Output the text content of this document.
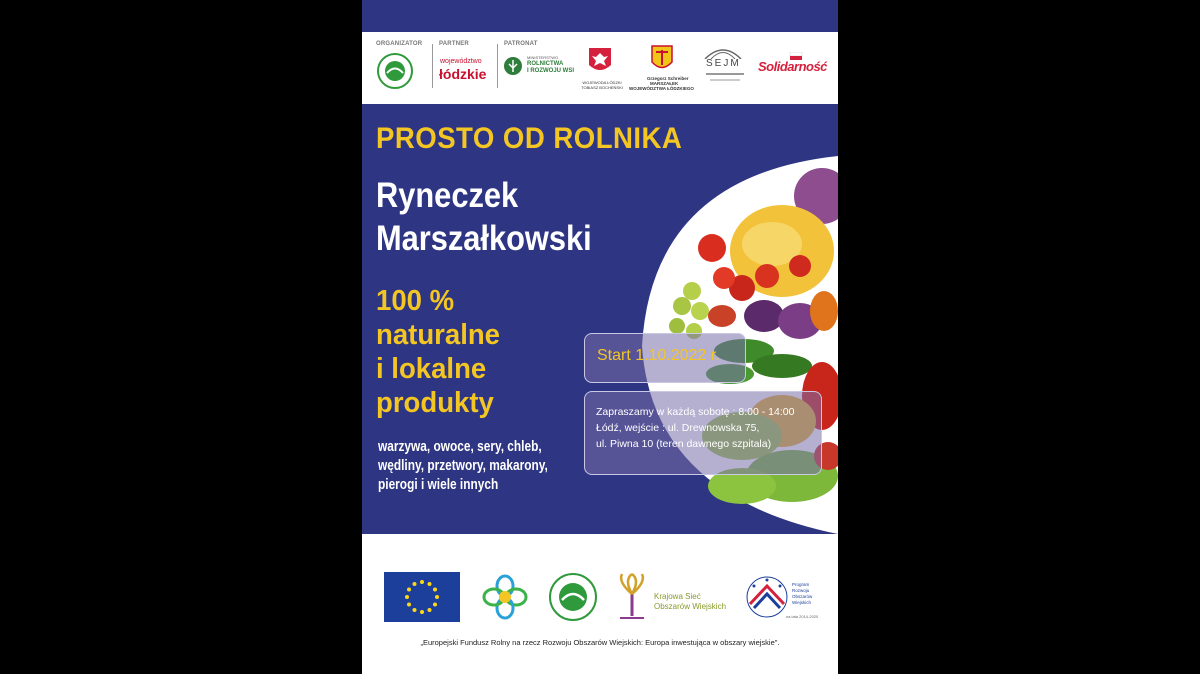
ORGANIZATOR	PARTNER	PATRONAT
województwo
łódzkie
MINISTERSTWO
ROLNICTWA
I ROZWOJU WSI
WOJEWODA ŁÓDZKI TOBIASZ BOCHEŃSKI
Grzegorz Schreiber
MARSZAŁEK
WOJEWÓDZTWA ŁÓDZKIEGO
SEJM Solidarność
PROSTO OD ROLNIKA
Ryneczek
Marszałkowski
100 %
naturalne
i lokalne
produkty
warzywa, owoce, sery, chleb,
wędliny, przetwory, makarony,
pierogi i wiele innych
Start 1.10.2022 r.
Zapraszamy w każdą sobotę : 8:00 - 14:00
Łódź, wejście : ul. Drewnowska 75,
ul. Piwna 10 (teren dawnego szpitala)
Krajowa Sieć
Obszarów Wiejskich
Program
Rozwoju
Obszarów
Wiejskich
na lata 2014-2020
„Europejski Fundusz Rolny na rzecz Rozwoju Obszarów Wiejskich: Europa inwestująca w obszary wiejskie".
